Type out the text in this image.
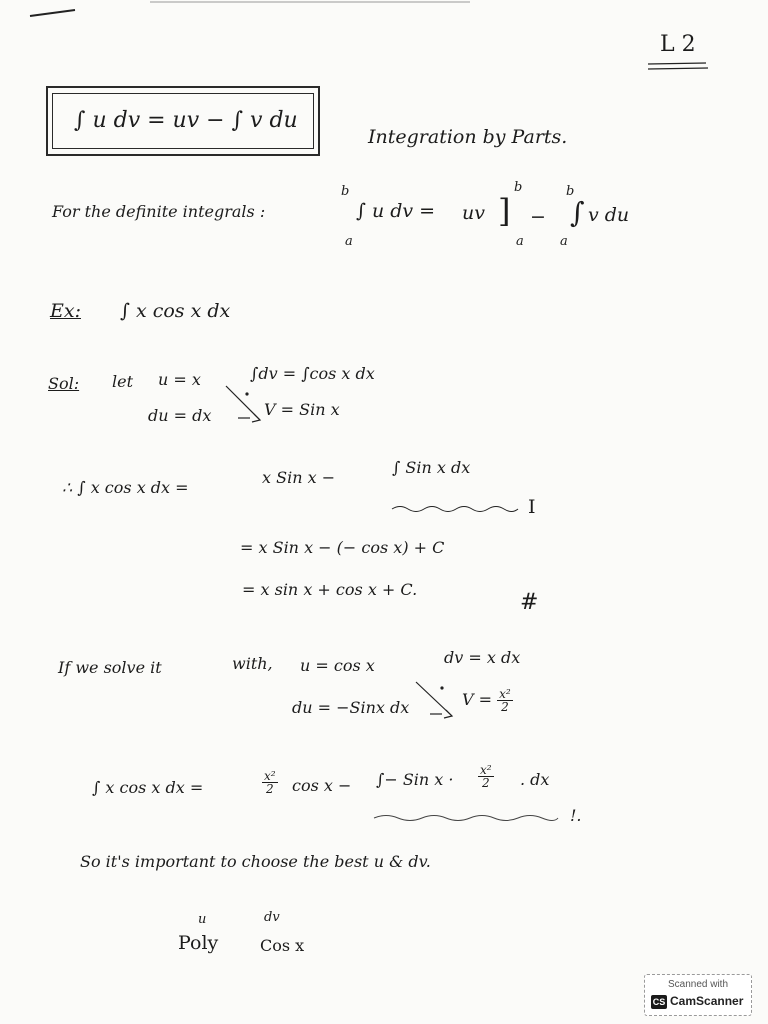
L 2
∫ u dv = uv − ∫ v du
Integration by Parts.
For the definite integrals :
b
a
∫ u dv = uv ]
b
a
−
b
a
∫ v du
Ex: ∫ x cos x dx
Sol: let u = x	∫dv = ∫cos x dx
du = dx	V = Sin x
∴ ∫ x cos x dx =
x Sin x −
∫ Sin x dx
I
= x Sin x − (− cos x) + C
= x sin x + cos x + C.
#
If we solve it	with, u = cos x	dv = x dx
du = −Sinx dx	$V = \frac{\text{x²}}{2}$
∫ x cos x dx =	$\frac{\text{x²}}{2}$ cos x − ∫− Sin $x \cdot \frac{\text{x²}}{2}$ . dx
!.
So it's important to choose the best u & dv.
u	dv
Poly	Cos x
Scanned with
CS CamScanner
